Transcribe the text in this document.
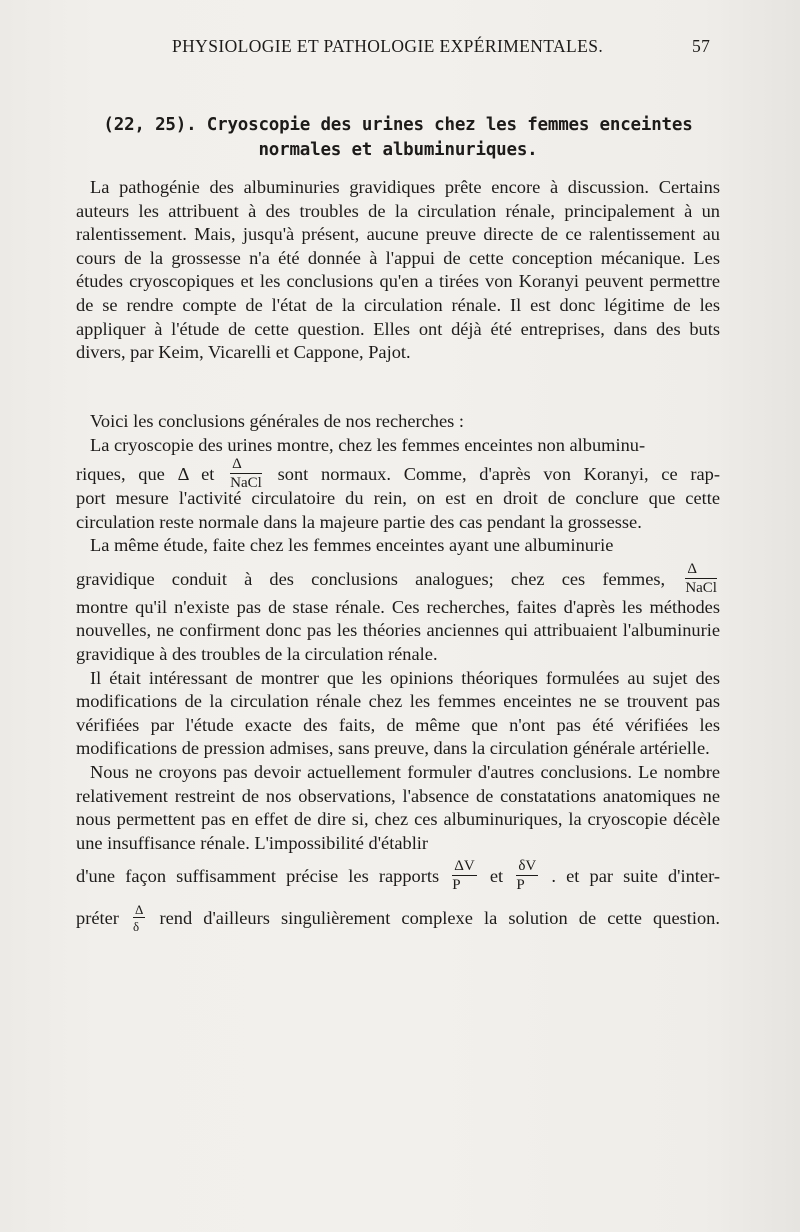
PHYSIOLOGIE ET PATHOLOGIE EXPÉRIMENTALES.	57
(22, 25). Cryoscopie des urines chez les femmes enceintes
normales et albuminuriques.

La pathogénie des albuminuries gravidiques prête encore à discussion. Certains auteurs les attribuent à des troubles de la circulation rénale, principalement à un ralentissement. Mais, jusqu'à présent, aucune preuve directe de ce ralentissement au cours de la grossesse n'a été donnée à l'appui de cette conception mécanique. Les études cryoscopiques et les conclusions qu'en a tirées von Koranyi peuvent permettre de se rendre compte de l'état de la circulation rénale. Il est donc légitime de les appliquer à l'étude de cette question. Elles ont déjà été entreprises, dans des buts divers, par Keim, Vicarelli et Cappone, Pajot.

Voici les conclusions générales de nos recherches :

La cryoscopie des urines montre, chez les femmes enceintes non albuminu-

riques, que Δ et $\frac{\Delta}{\text{NaCl}}$ sont normaux. Comme, d'après von Koranyi, ce rap-
port mesure l'activité circulatoire du rein, on est en droit de conclure que cette circulation reste normale dans la majeure partie des cas pendant la grossesse.

La même étude, faite chez les femmes enceintes ayant une albuminurie

gravidique conduit à des conclusions analogues; chez ces femmes, $\frac{\Delta}{\text{NaCl}}$
montre qu'il n'existe pas de stase rénale. Ces recherches, faites d'après les méthodes nouvelles, ne confirment donc pas les théories anciennes qui attribuaient l'albuminurie gravidique à des troubles de la circulation rénale.

Il était intéressant de montrer que les opinions théoriques formulées au sujet des modifications de la circulation rénale chez les femmes enceintes ne se trouvent pas vérifiées par l'étude exacte des faits, de même que n'ont pas été vérifiées les modifications de pression admises, sans preuve, dans la circulation générale artérielle.

Nous ne croyons pas devoir actuellement formuler d'autres conclusions. Le nombre relativement restreint de nos observations, l'absence de constatations anatomiques ne nous permettent pas en effet de dire si, chez ces albuminuriques, la cryoscopie décèle une insuffisance rénale. L'impossibilité d'établir

d'une façon suffisamment précise les rapports $\frac{\Delta V}{P}$ et $\frac{\delta V}{P}$ . et par suite d'inter-
préter $\frac{\Delta}{\delta}$ rend d'ailleurs singulièrement complexe la solution de cette question.
